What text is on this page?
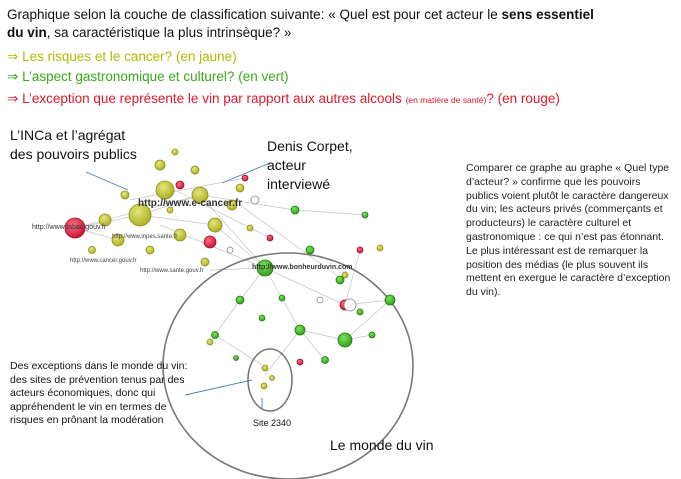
Graphique selon la couche de classification suivante: « Quel est pour cet acteur le sens essentiel
du vin, sa caractéristique la plus intrinsèque? »
⇒ Les risques et le cancer? (en jaune)
⇒ L’aspect gastronomique et culturel? (en vert)
⇒ L’exception que représente le vin par rapport aux autres alcools (en matière de santé)? (en rouge)
http://www.e-cancer.fr
http://www.bonheurduvin.com
http://www.tabac.gouv.fr
http://www.inpes.sante.fr
http://www.cancer.gouv.fr
http://www.sante.gouv.fr
L’INCa et l’agrégat des pouvoirs publics	Denis Corpet, acteur interviewé
Des exceptions dans le monde du vin: des sites de prévention tenus par des acteurs économiques, donc qui appréhendent le vin en termes de risques en prônant la modération	Site 2340
Le monde du vin
Comparer ce graphe au graphe « Quel type d’acteur? » confirme que les pouvoirs publics voient plutôt le caractère dangereux du vin; les acteurs privés (commerçants et producteurs) le caractère culturel et gastronomique : ce qui n’est pas étonnant.
Le plus intéressant est de remarquer la position des médias (le plus souvent ils mettent en exergue le caractère d’exception du vin).
